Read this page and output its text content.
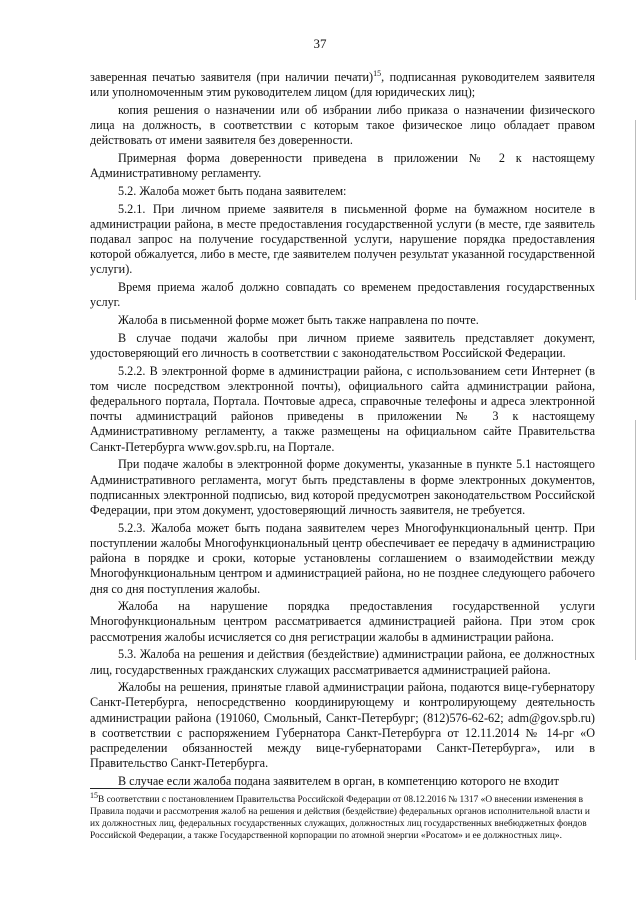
37

заверенная печатью заявителя (при наличии печати)$^{15}$, подписанная руководителем заявителя или уполномоченным этим руководителем лицом (для юридических лиц);

копия решения о назначении или об избрании либо приказа о назначении физического лица на должность, в соответствии с которым такое физическое лицо обладает правом действовать от имени заявителя без доверенности.

Примерная форма доверенности приведена в приложении № 2 к настоящему Административному регламенту.

5.2. Жалоба может быть подана заявителем:

5.2.1. При личном приеме заявителя в письменной форме на бумажном носителе в администрации района, в месте предоставления государственной услуги (в месте, где заявитель подавал запрос на получение государственной услуги, нарушение порядка предоставления которой обжалуется, либо в месте, где заявителем получен результат указанной государственной услуги).

Время приема жалоб должно совпадать со временем предоставления государственных услуг.

Жалоба в письменной форме может быть также направлена по почте.

В случае подачи жалобы при личном приеме заявитель представляет документ, удостоверяющий его личность в соответствии с законодательством Российской Федерации.

5.2.2. В электронной форме в администрации района, с использованием сети Интернет (в том числе посредством электронной почты), официального сайта администрации района, федерального портала, Портала. Почтовые адреса, справочные телефоны и адреса электронной почты администраций районов приведены в приложении № 3 к настоящему Административному регламенту, а также размещены на официальном сайте Правительства Санкт-Петербурга www.gov.spb.ru, на Портале.

При подаче жалобы в электронной форме документы, указанные в пункте 5.1 настоящего Административного регламента, могут быть представлены в форме электронных документов, подписанных электронной подписью, вид которой предусмотрен законодательством Российской Федерации, при этом документ, удостоверяющий личность заявителя, не требуется.

5.2.3. Жалоба может быть подана заявителем через Многофункциональный центр. При поступлении жалобы Многофункциональный центр обеспечивает ее передачу в администрацию района в порядке и сроки, которые установлены соглашением о взаимодействии между Многофункциональным центром и администрацией района, но не позднее следующего рабочего дня со дня поступления жалобы.

Жалоба на нарушение порядка предоставления государственной услуги Многофункциональным центром рассматривается администрацией района. При этом срок рассмотрения жалобы исчисляется со дня регистрации жалобы в администрации района.

5.3. Жалоба на решения и действия (бездействие) администрации района, ее должностных лиц, государственных гражданских служащих рассматривается администрацией района.

Жалобы на решения, принятые главой администрации района, подаются вице-губернатору Санкт-Петербурга, непосредственно координирующему и контролирующему деятельность администрации района (191060, Смольный, Санкт-Петербург; (812)576-62-62; adm@gov.spb.ru) в соответствии с распоряжением Губернатора Санкт-Петербурга от 12.11.2014 № 14-рг «О распределении обязанностей между вице-губернаторами Санкт-Петербурга», или в Правительство Санкт-Петербурга.

В случае если жалоба подана заявителем в орган, в компетенцию которого не входит

$^{15}$В соответствии с постановлением Правительства Российской Федерации от 08.12.2016 № 1317 «О внесении изменения в Правила подачи и рассмотрения жалоб на решения и действия (бездействие) федеральных органов исполнительной власти и их должностных лиц, федеральных государственных служащих, должностных лиц государственных внебюджетных фондов Российской Федерации, а также Государственной корпорации по атомной энергии «Росатом» и ее должностных лиц».
